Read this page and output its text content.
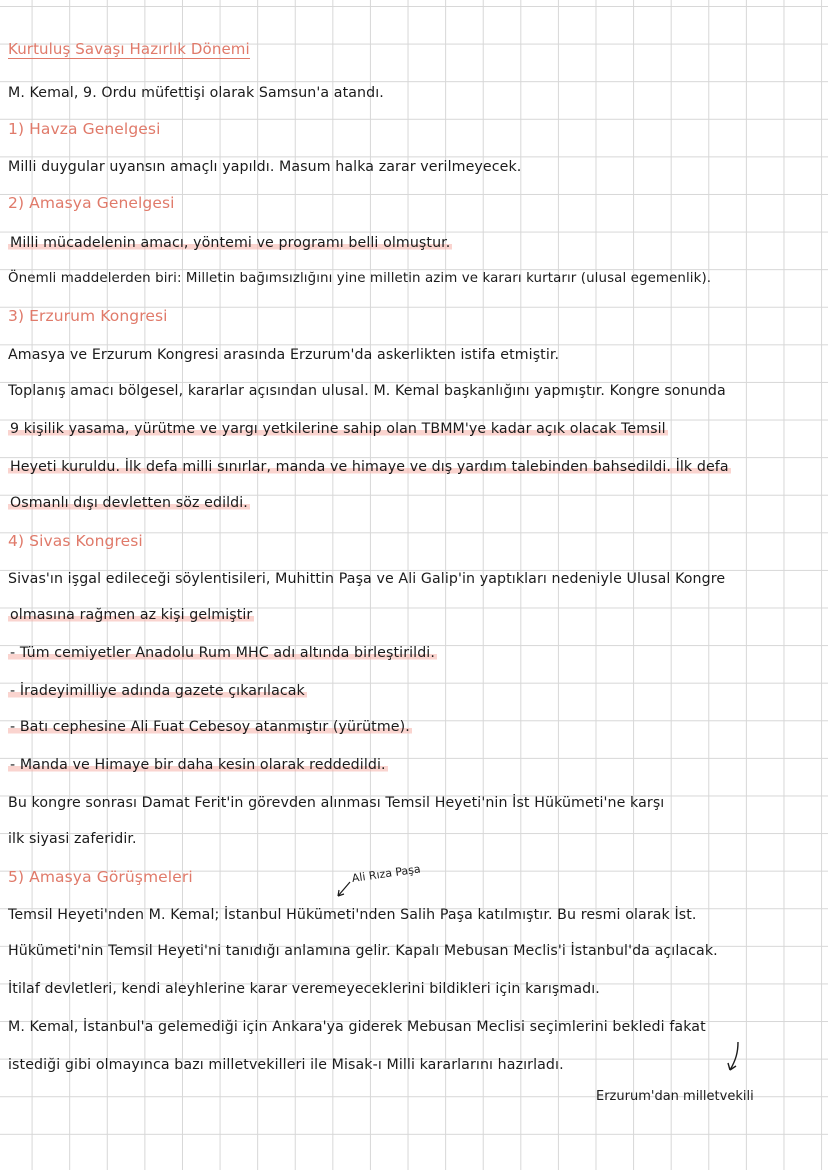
Kurtuluş Savaşı Hazırlık Dönemi
M. Kemal, 9. Ordu müfettişi olarak Samsun'a atandı.
1) Havza Genelgesi
Milli duygular uyansın amaçlı yapıldı. Masum halka zarar verilmeyecek.
2) Amasya Genelgesi
Milli mücadelenin amacı, yöntemi ve programı belli olmuştur.
Önemli maddelerden biri: Milletin bağımsızlığını yine milletin azim ve kararı kurtarır (ulusal egemenlik).
3) Erzurum Kongresi
Amasya ve Erzurum Kongresi arasında Erzurum'da askerlikten istifa etmiştir.
Toplanış amacı bölgesel, kararlar açısından ulusal. M. Kemal başkanlığını yapmıştır. Kongre sonunda
9 kişilik yasama, yürütme ve yargı yetkilerine sahip olan TBMM'ye kadar açık olacak Temsil
Heyeti kuruldu. İlk defa milli sınırlar, manda ve himaye ve dış yardım talebinden bahsedildi. İlk defa
Osmanlı dışı devletten söz edildi.
4) Sivas Kongresi
Sivas'ın işgal edileceği söylentisileri, Muhittin Paşa ve Ali Galip'in yaptıkları nedeniyle Ulusal Kongre
olmasına rağmen az kişi gelmiştir
- Tüm cemiyetler Anadolu Rum MHC adı altında birleştirildi.
- İradeyimilliye adında gazete çıkarılacak
- Batı cephesine Ali Fuat Cebesoy atanmıştır (yürütme).
- Manda ve Himaye bir daha kesin olarak reddedildi.
Bu kongre sonrası Damat Ferit'in görevden alınması Temsil Heyeti'nin İst Hükümeti'ne karşı
ilk siyasi zaferidir.
5) Amasya Görüşmeleri	Ali Rıza Paşa
Temsil Heyeti'nden M. Kemal; İstanbul Hükümeti'nden Salih Paşa katılmıştır. Bu resmi olarak İst.
Hükümeti'nin Temsil Heyeti'ni tanıdığı anlamına gelir. Kapalı Mebusan Meclis'i İstanbul'da açılacak.
İtilaf devletleri, kendi aleyhlerine karar veremeyeceklerini bildikleri için karışmadı.
M. Kemal, İstanbul'a gelemediği için Ankara'ya giderek Mebusan Meclisi seçimlerini bekledi fakat
istediği gibi olmayınca bazı milletvekilleri ile Misak-ı Milli kararlarını hazırladı.
Erzurum'dan milletvekili
